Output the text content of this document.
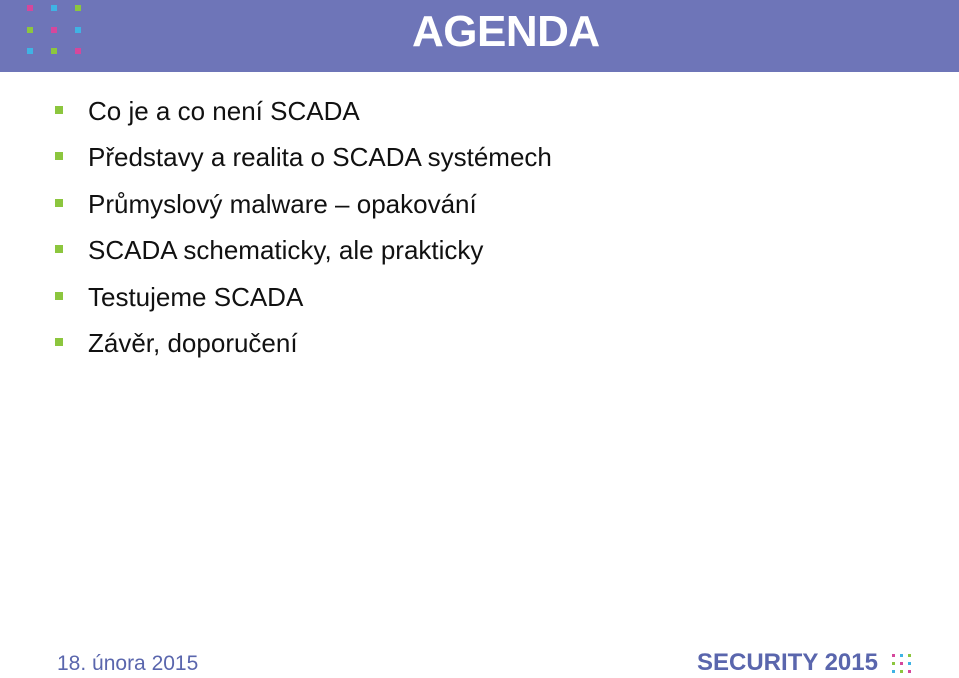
AGENDA
Co je a co není SCADA
Představy a realita o SCADA systémech
Průmyslový malware – opakování
SCADA schematicky, ale prakticky
Testujeme SCADA
Závěr, doporučení
18. února 2015	SECURITY 2015
